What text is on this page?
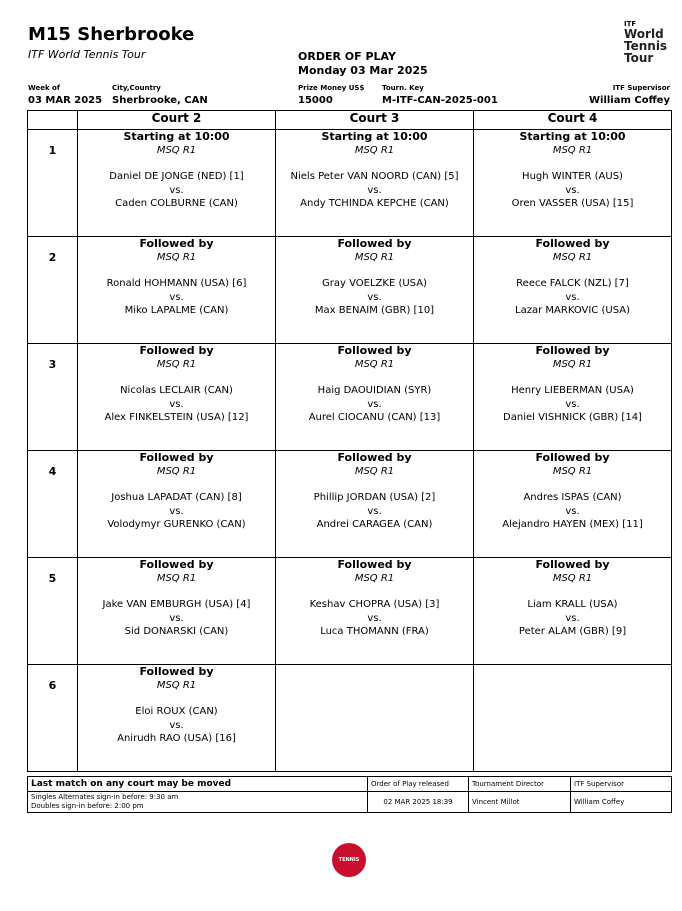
M15 Sherbrooke
ITF World Tennis Tour	ORDER OF PLAY
Monday 03 Mar 2025
ITF
World
Tennis
Tour
Week of
03 MAR 2025
City,Country
Sherbrooke, CAN
Prize Money US$
15000
Tourn. Key
M-ITF-CAN-2025-001
ITF Supervisor
William Coffey
	Court 2	Court 3	Court 4
1	Starting at 10:00
MSQ R1
Daniel DE JONGE (NED) [1]
vs.
Caden COLBURNE (CAN)	Starting at 10:00
MSQ R1
Niels Peter VAN NOORD (CAN) [5]
vs.
Andy TCHINDA KEPCHE (CAN)	Starting at 10:00
MSQ R1
Hugh WINTER (AUS)
vs.
Oren VASSER (USA) [15]

2	Followed by
MSQ R1
Ronald HOHMANN (USA) [6]
vs.
Miko LAPALME (CAN)	Followed by
MSQ R1
Gray VOELZKE (USA)
vs.
Max BENAIM (GBR) [10]	Followed by
MSQ R1
Reece FALCK (NZL) [7]
vs.
Lazar MARKOVIC (USA)

3	Followed by
MSQ R1
Nicolas LECLAIR (CAN)
vs.
Alex FINKELSTEIN (USA) [12]	Followed by
MSQ R1
Haig DAOUIDIAN (SYR)
vs.
Aurel CIOCANU (CAN) [13]	Followed by
MSQ R1
Henry LIEBERMAN (USA)
vs.
Daniel VISHNICK (GBR) [14]

4	Followed by
MSQ R1
Joshua LAPADAT (CAN) [8]
vs.
Volodymyr GURENKO (CAN)	Followed by
MSQ R1
Phillip JORDAN (USA) [2]
vs.
Andrei CARAGEA (CAN)	Followed by
MSQ R1
Andres ISPAS (CAN)
vs.
Alejandro HAYEN (MEX) [11]

5	Followed by
MSQ R1
Jake VAN EMBURGH (USA) [4]
vs.
Sid DONARSKI (CAN)	Followed by
MSQ R1
Keshav CHOPRA (USA) [3]
vs.
Luca THOMANN (FRA)	Followed by
MSQ R1
Liam KRALL (USA)
vs.
Peter ALAM (GBR) [9]

6	Followed by
MSQ R1
Eloi ROUX (CAN)
vs.
Anirudh RAO (USA) [16]		

Last match on any court may be moved	Order of Play released	Tournament Director	ITF Supervisor

Singles Alternates sign-in before: 9:30 am
Doubles sign-in before: 2:00 pm	02 MAR 2025 18:39	Vincent Millot	William Coffey
TENNIS CANADA
